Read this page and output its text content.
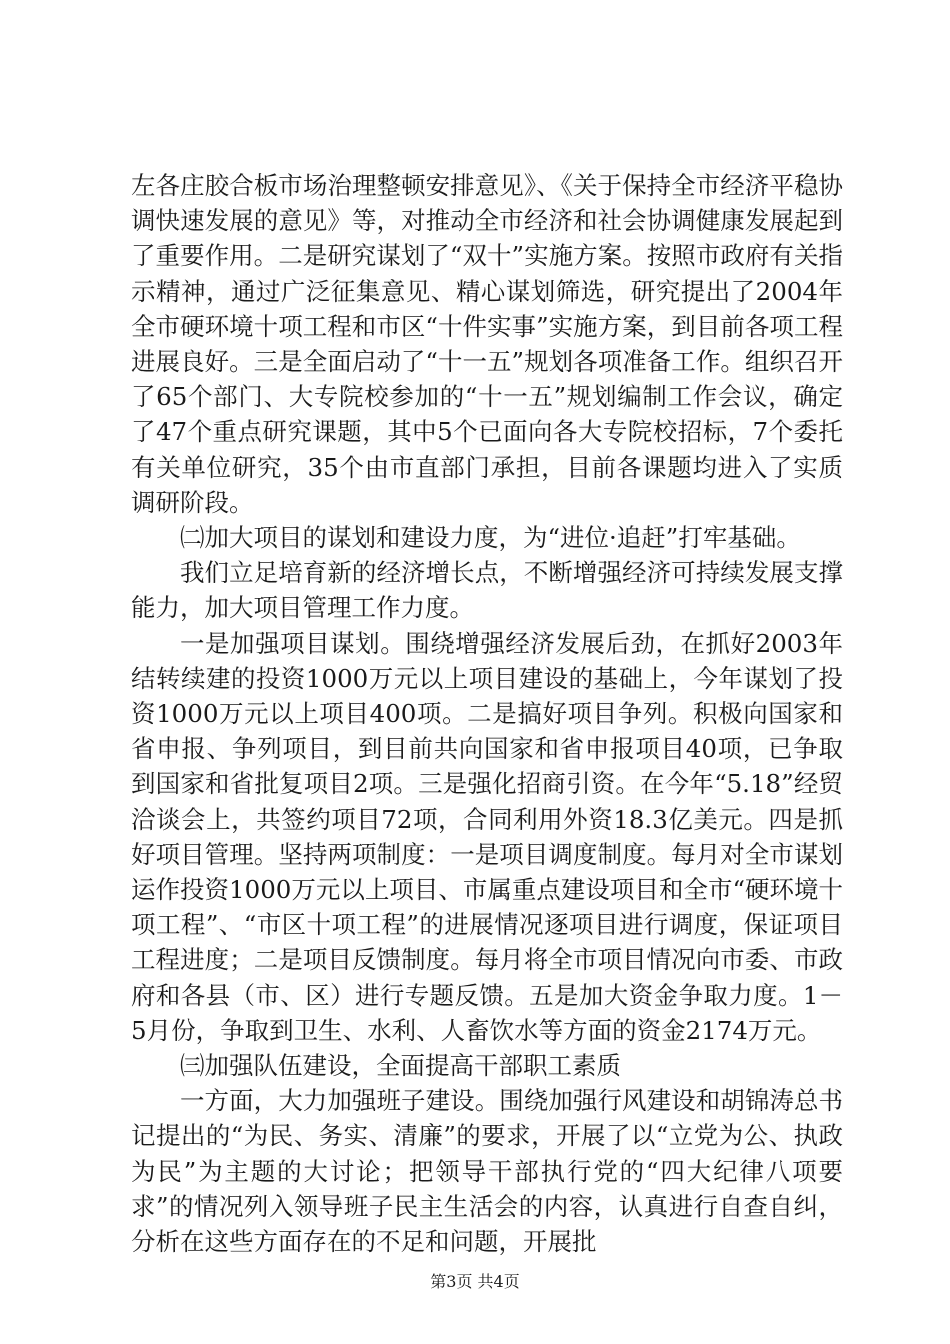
左各庄胶合板市场治理整顿安排意见》、《关于保持全市经济平稳协调快速发展的意见》等，对推动全市经济和社会协调健康发展起到了重要作用。二是研究谋划了“双十”实施方案。按照市政府有关指示精神，通过广泛征集意见、精心谋划筛选，研究提出了2004年全市硬环境十项工程和市区“十件实事”实施方案，到目前各项工程进展良好。三是全面启动了“十一五”规划各项准备工作。组织召开了65个部门、大专院校参加的“十一五”规划编制工作会议，确定了47个重点研究课题，其中5个已面向各大专院校招标，7个委托有关单位研究，35个由市直部门承担，目前各课题均进入了实质调研阶段。

㈡加大项目的谋划和建设力度，为“进位·追赶”打牢基础。

我们立足培育新的经济增长点，不断增强经济可持续发展支撑能力，加大项目管理工作力度。

一是加强项目谋划。围绕增强经济发展后劲，在抓好2003年结转续建的投资1000万元以上项目建设的基础上，今年谋划了投资1000万元以上项目400项。二是搞好项目争列。积极向国家和省申报、争列项目，到目前共向国家和省申报项目40项，已争取到国家和省批复项目2项。三是强化招商引资。在今年“5.18”经贸洽谈会上，共签约项目72项，合同利用外资18.3亿美元。四是抓好项目管理。坚持两项制度：一是项目调度制度。每月对全市谋划运作投资1000万元以上项目、市属重点建设项目和全市“硬环境十项工程”、“市区十项工程”的进展情况逐项目进行调度，保证项目工程进度；二是项目反馈制度。每月将全市项目情况向市委、市政府和各县（市、区）进行专题反馈。五是加大资金争取力度。1－5月份，争取到卫生、水利、人畜饮水等方面的资金2174万元。

㈢加强队伍建设，全面提高干部职工素质

一方面，大力加强班子建设。围绕加强行风建设和胡锦涛总书记提出的“为民、务实、清廉”的要求，开展了以“立党为公、执政为民”为主题的大讨论；把领导干部执行党的“四大纪律八项要求”的情况列入领导班子民主生活会的内容，认真进行自查自纠，分析在这些方面存在的不足和问题，开展批

第3页 共4页
